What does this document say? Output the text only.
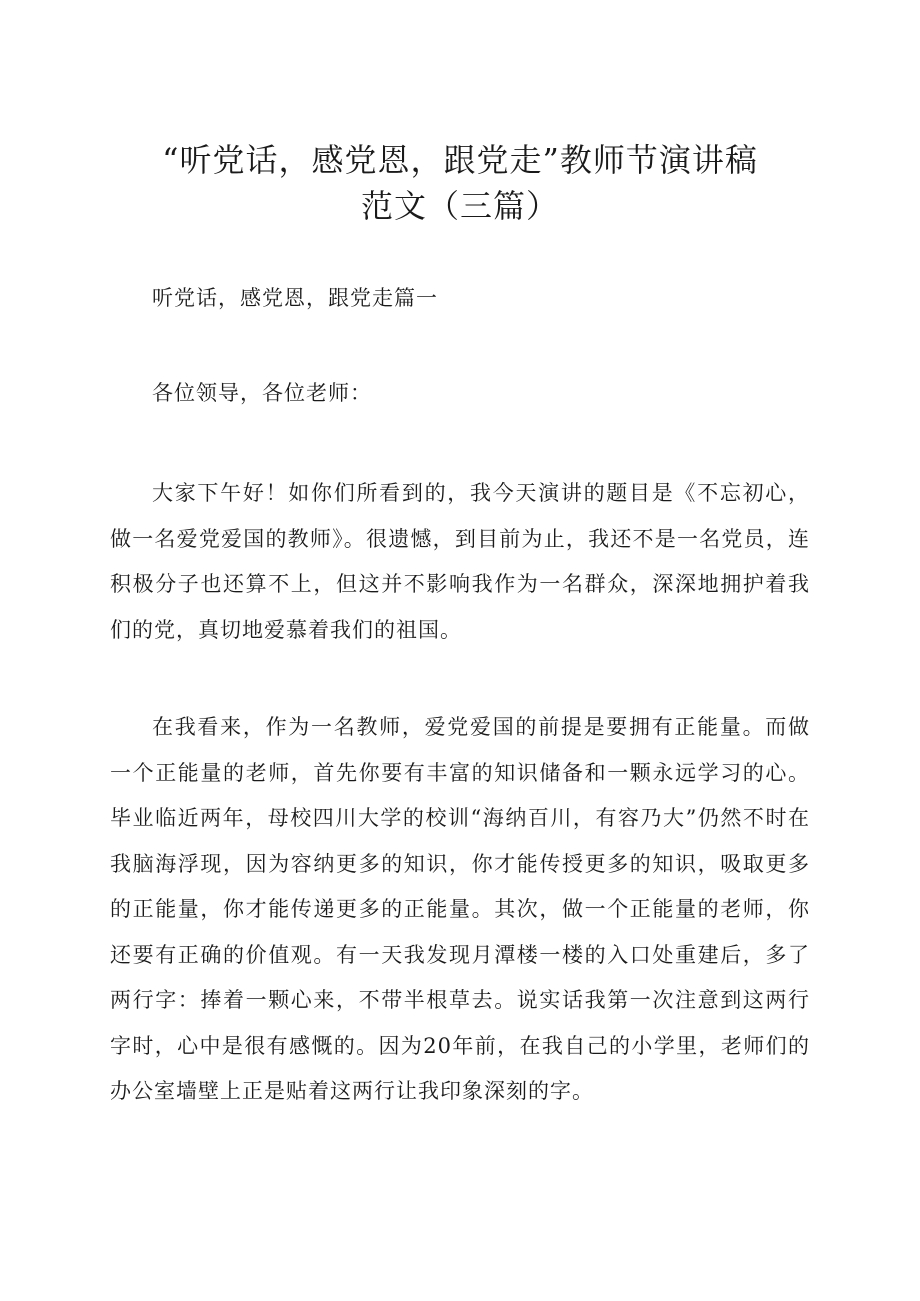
“听党话，感党恩，跟党走”教师节演讲稿
范文（三篇）
听党话，感党恩，跟党走篇一
各位领导，各位老师：
大家下午好！如你们所看到的，我今天演讲的题目是《不忘初心，做一名爱党爱国的教师》。很遗憾，到目前为止，我还不是一名党员，连积极分子也还算不上，但这并不影响我作为一名群众，深深地拥护着我们的党，真切地爱慕着我们的祖国。
在我看来，作为一名教师，爱党爱国的前提是要拥有正能量。而做一个正能量的老师，首先你要有丰富的知识储备和一颗永远学习的心。毕业临近两年，母校四川大学的校训“海纳百川，有容乃大”仍然不时在我脑海浮现，因为容纳更多的知识，你才能传授更多的知识，吸取更多的正能量，你才能传递更多的正能量。其次，做一个正能量的老师，你还要有正确的价值观。有一天我发现月潭楼一楼的入口处重建后，多了两行字：捧着一颗心来，不带半根草去。说实话我第一次注意到这两行字时，心中是很有感慨的。因为20年前，在我自己的小学里，老师们的办公室墙壁上正是贴着这两行让我印象深刻的字。
